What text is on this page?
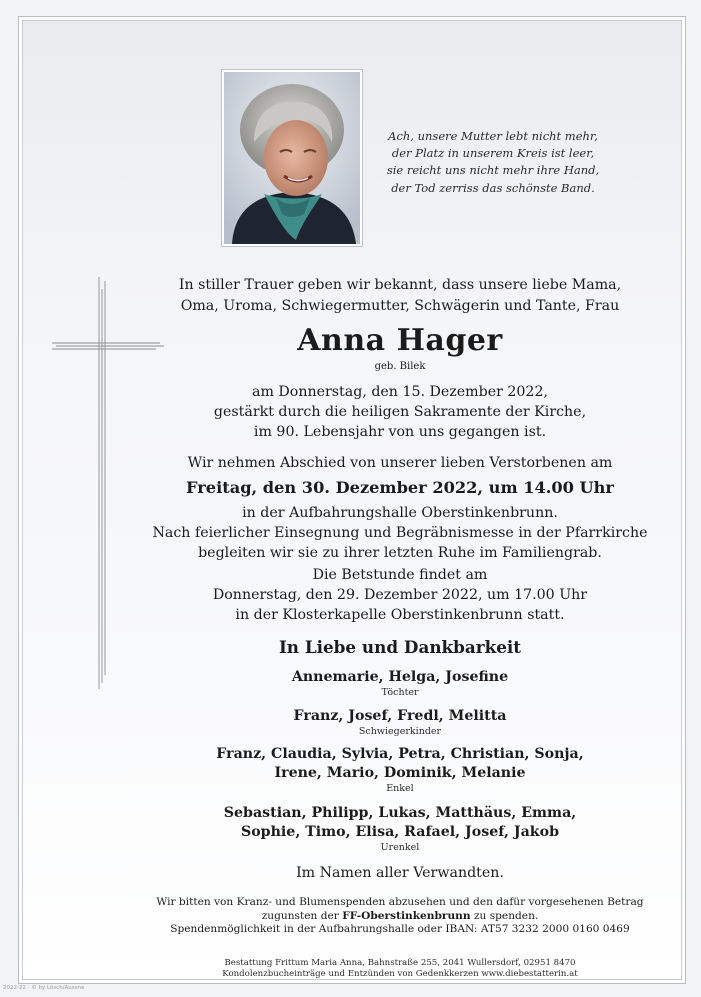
Ach, unsere Mutter lebt nicht mehr,
der Platz in unserem Kreis ist leer,
sie reicht uns nicht mehr ihre Hand,
der Tod zerriss das schönste Band.
In stiller Trauer geben wir bekannt, dass unsere liebe Mama,
Oma, Uroma, Schwiegermutter, Schwägerin und Tante, Frau
Anna Hager
geb. Bilek
am Donnerstag, den 15. Dezember 2022,
gestärkt durch die heiligen Sakramente der Kirche,
im 90. Lebensjahr von uns gegangen ist.
Wir nehmen Abschied von unserer lieben Verstorbenen am
Freitag, den 30. Dezember 2022, um 14.00 Uhr
in der Aufbahrungshalle Oberstinkenbrunn.
Nach feierlicher Einsegnung und Begräbnismesse in der Pfarrkirche
begleiten wir sie zu ihrer letzten Ruhe im Familiengrab.
Die Betstunde findet am
Donnerstag, den 29. Dezember 2022, um 17.00 Uhr
in der Klosterkapelle Oberstinkenbrunn statt.
In Liebe und Dankbarkeit
Annemarie, Helga, Josefine
Töchter
Franz, Josef, Fredl, Melitta
Schwiegerkinder
Franz, Claudia, Sylvia, Petra, Christian, Sonja,
Irene, Mario, Dominik, Melanie
Enkel
Sebastian, Philipp, Lukas, Matthäus, Emma,
Sophie, Timo, Elisa, Rafael, Josef, Jakob
Urenkel
Im Namen aller Verwandten.
Wir bitten von Kranz- und Blumenspenden abzusehen und den dafür vorgesehenen Betrag
zugunsten der FF-Oberstinkenbrunn zu spenden.
Spendenmöglichkeit in der Aufbahrungshalle oder IBAN: AT57 3232 2000 0160 0469
Bestattung Frittum Maria Anna, Bahnstraße 255, 2041 Wullersdorf, 02951 8470
Kondolenzbucheinträge und Entzünden von Gedenkkerzen www.diebestatterin.at
2022-22 · © by Lösch/Aussne
